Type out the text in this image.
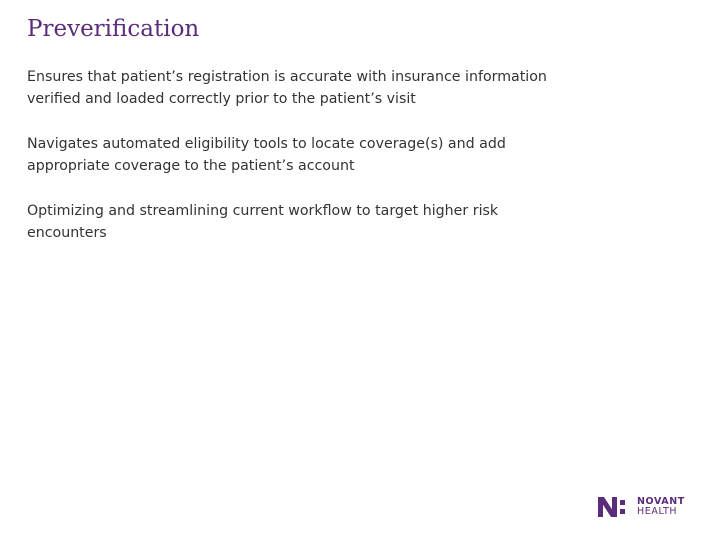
Preverification
Ensures that patient’s registration is accurate with insurance information verified and loaded correctly prior to the patient’s visit
Navigates automated eligibility tools to locate coverage(s) and add appropriate coverage to the patient’s account
Optimizing and streamlining current workflow to target higher risk encounters
NOVANT
HEALTH
